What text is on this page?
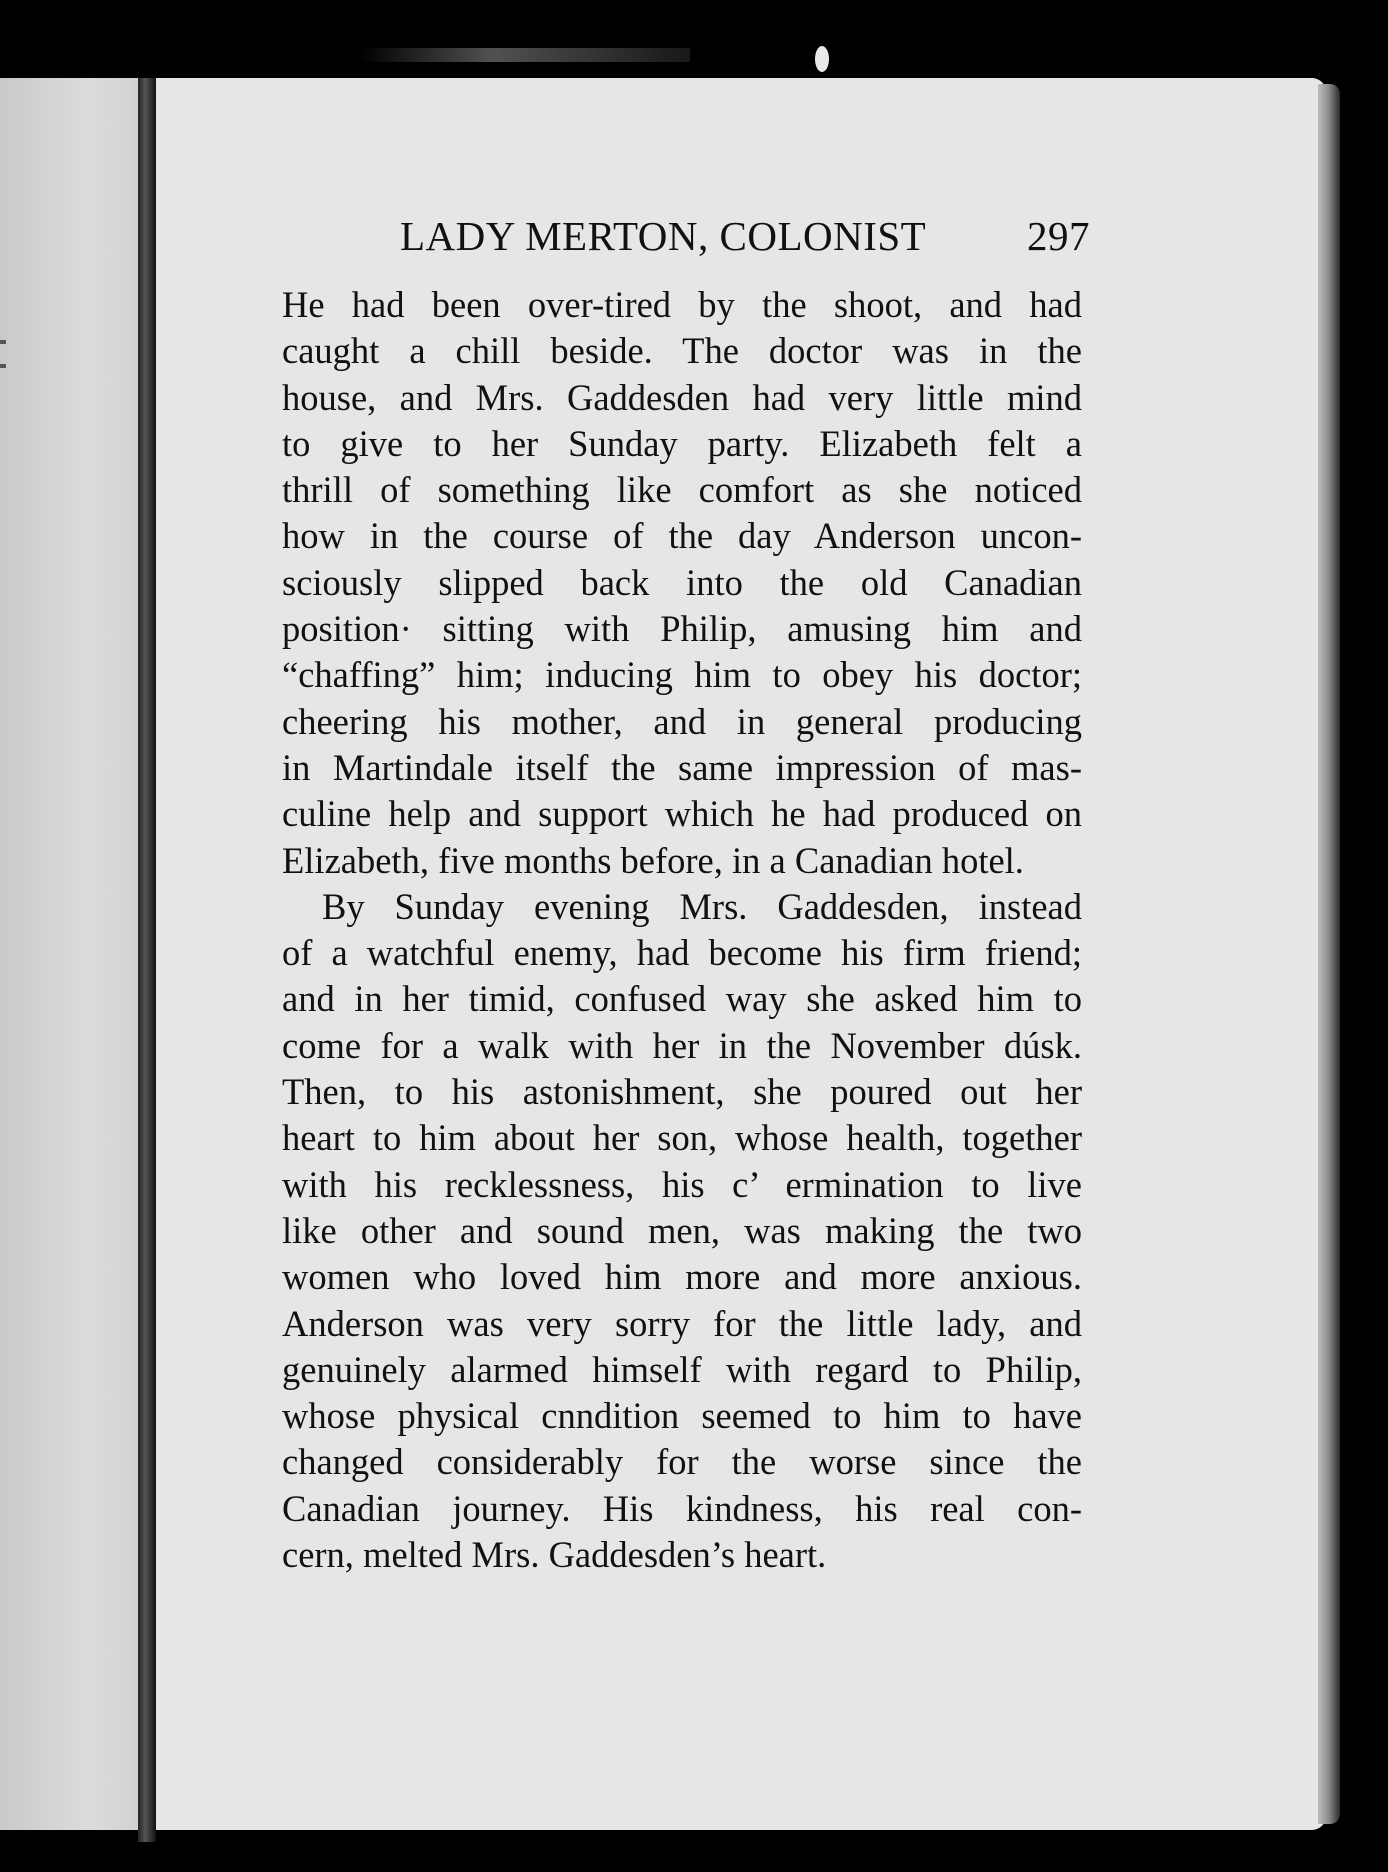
LADY MERTON, COLONIST 297
He had been over-tired by the shoot, and had
caught a chill beside. The doctor was in the
house, and Mrs. Gaddesden had very little mind
to give to her Sunday party. Elizabeth felt a
thrill of something like comfort as she noticed
how in the course of the day Anderson uncon-
sciously slipped back into the old Canadian
position· sitting with Philip, amusing him and
“chaffing” him; inducing him to obey his doctor;
cheering his mother, and in general producing
in Martindale itself the same impression of mas-
culine help and support which he had produced on
Elizabeth, five months before, in a Canadian hotel.
By Sunday evening Mrs. Gaddesden, instead
of a watchful enemy, had become his firm friend;
and in her timid, confused way she asked him to
come for a walk with her in the November dúsk.
Then, to his astonishment, she poured out her
heart to him about her son, whose health, together
with his recklessness, his c’ ermination to live
like other and sound men, was making the two
women who loved him more and more anxious.
Anderson was very sorry for the little lady, and
genuinely alarmed himself with regard to Philip,
whose physical cnndition seemed to him to have
changed considerably for the worse since the
Canadian journey. His kindness, his real con-
cern, melted Mrs. Gaddesden’s heart.
